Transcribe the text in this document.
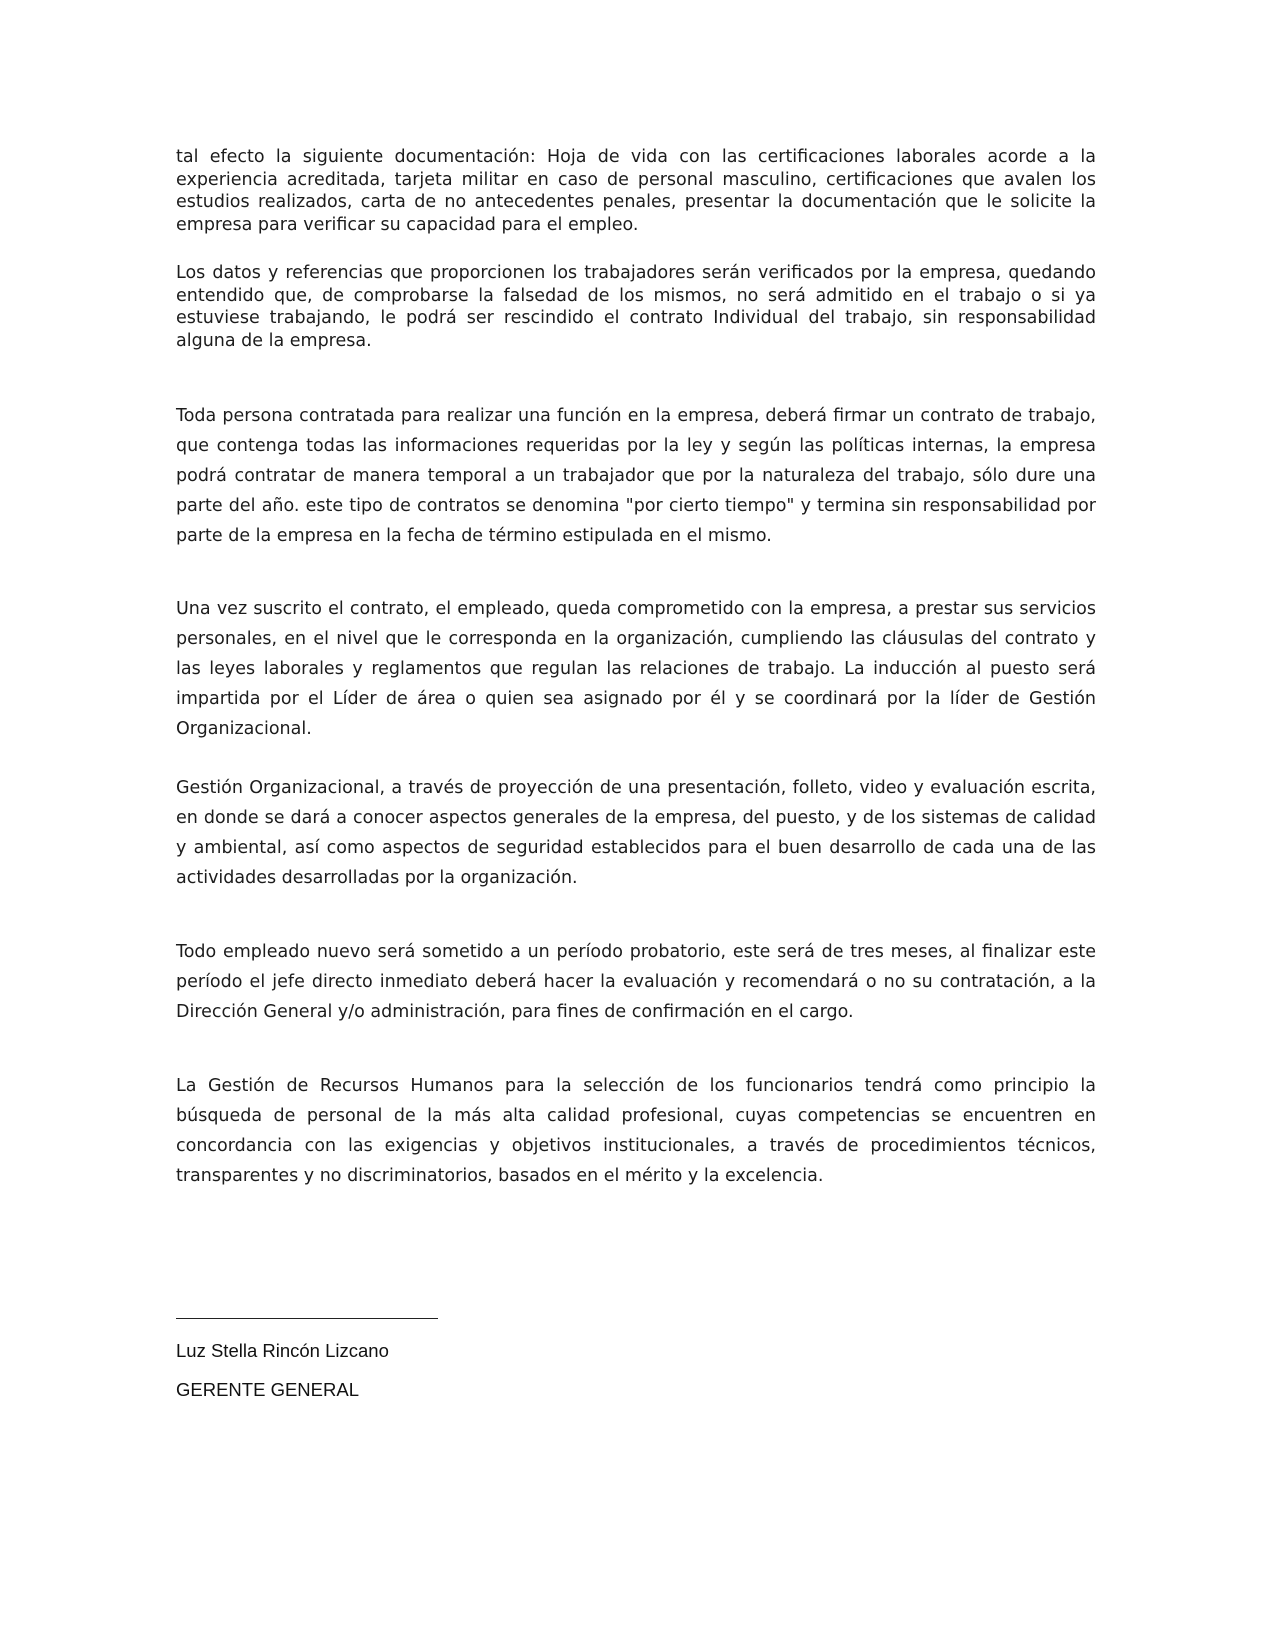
tal efecto la siguiente documentación: Hoja de vida con las certificaciones laborales acorde a la experiencia acreditada, tarjeta militar en caso de personal masculino, certificaciones que avalen los estudios realizados, carta de no antecedentes penales, presentar la documentación que le solicite la empresa para verificar su capacidad para el empleo.

Los datos y referencias que proporcionen los trabajadores serán verificados por la empresa, quedando entendido que, de comprobarse la falsedad de los mismos, no será admitido en el trabajo o si ya estuviese trabajando, le podrá ser rescindido el contrato Individual del trabajo, sin responsabilidad alguna de la empresa.

Toda persona contratada para realizar una función en la empresa, deberá firmar un contrato de trabajo, que contenga todas las informaciones requeridas por la ley y según las políticas internas, la empresa podrá contratar de manera temporal a un trabajador que por la naturaleza del trabajo, sólo dure una parte del año. este tipo de contratos se denomina "por cierto tiempo" y termina sin responsabilidad por parte de la empresa en la fecha de término estipulada en el mismo.

Una vez suscrito el contrato, el empleado, queda comprometido con la empresa, a prestar sus servicios personales, en el nivel que le corresponda en la organización, cumpliendo las cláusulas del contrato y las leyes laborales y reglamentos que regulan las relaciones de trabajo. La inducción al puesto será impartida por el Líder de área o quien sea asignado por él y se coordinará por la líder de Gestión Organizacional.

Gestión Organizacional, a través de proyección de una presentación, folleto, video y evaluación escrita, en donde se dará a conocer aspectos generales de la empresa, del puesto, y de los sistemas de calidad y ambiental, así como aspectos de seguridad establecidos para el buen desarrollo de cada una de las actividades desarrolladas por la organización.

Todo empleado nuevo será sometido a un período probatorio, este será de tres meses, al finalizar este período el jefe directo inmediato deberá hacer la evaluación y recomendará o no su contratación, a la Dirección General y/o administración, para fines de confirmación en el cargo.

La Gestión de Recursos Humanos para la selección de los funcionarios tendrá como principio la búsqueda de personal de la más alta calidad profesional, cuyas competencias se encuentren en concordancia con las exigencias y objetivos institucionales, a través de procedimientos técnicos, transparentes y no discriminatorios, basados en el mérito y la excelencia.

Luz Stella Rincón Lizcano

GERENTE GENERAL
